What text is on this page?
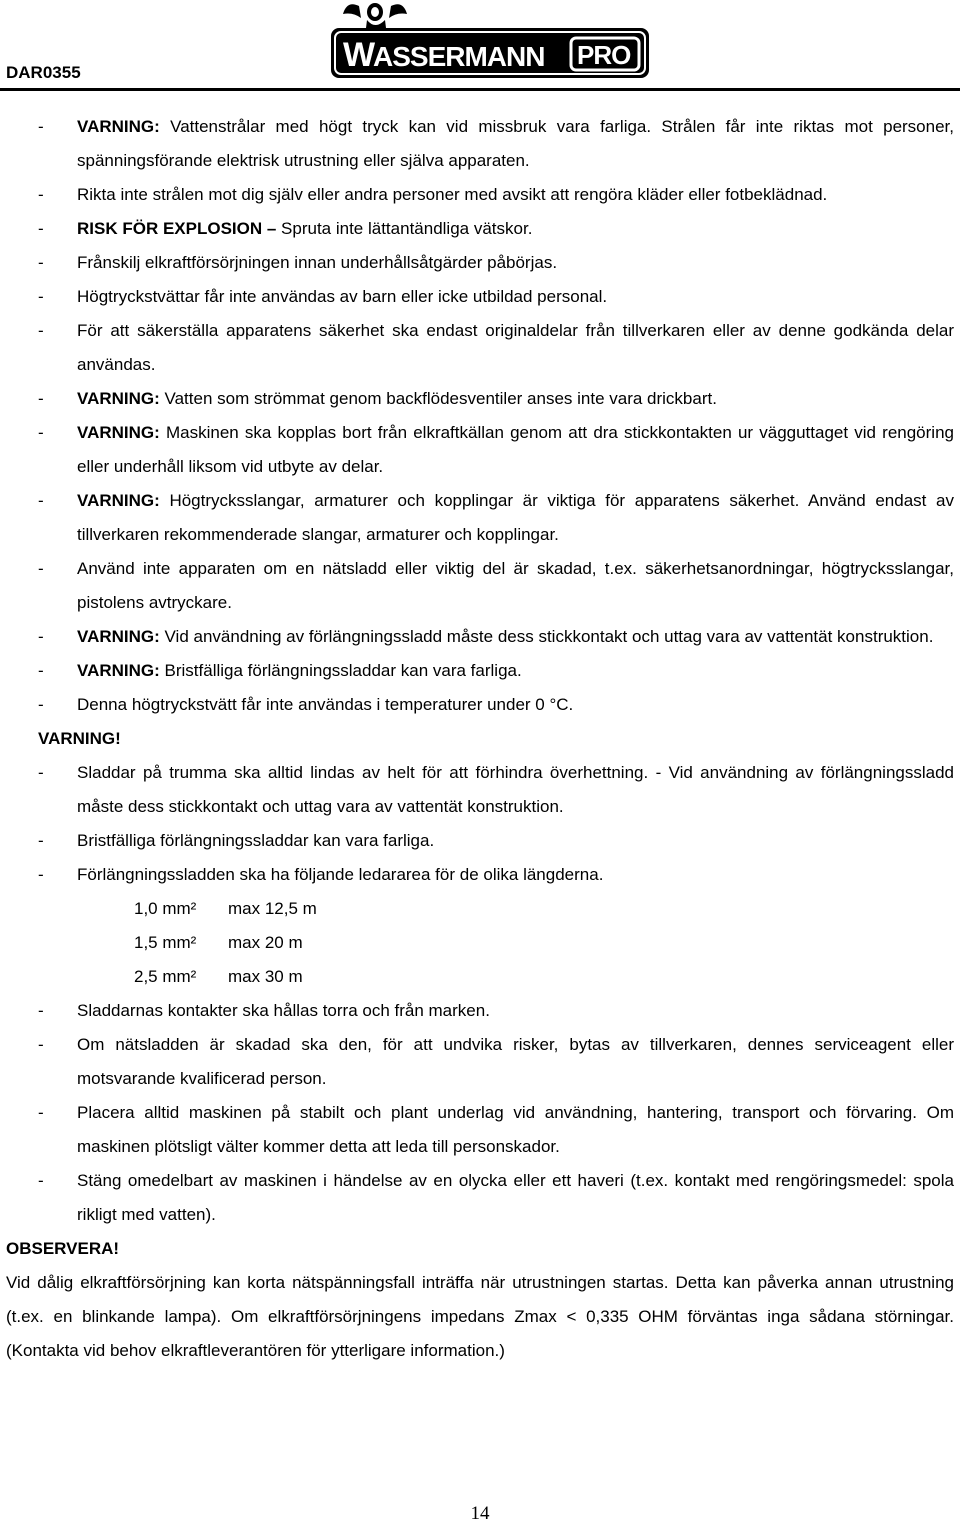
DAR0355	W
ASSERMANN PRO
- VARNING: Vattenstrålar med högt tryck kan vid missbruk vara farliga. Strålen får inte riktas mot personer, spänningsförande elektrisk utrustning eller själva apparaten.
- Rikta inte strålen mot dig själv eller andra personer med avsikt att rengöra kläder eller fotbeklädnad.
- RISK FÖR EXPLOSION – Spruta inte lättantändliga vätskor.
- Frånskilj elkraftförsörjningen innan underhållsåtgärder påbörjas.
- Högtryckstvättar får inte användas av barn eller icke utbildad personal.
- För att säkerställa apparatens säkerhet ska endast originaldelar från tillverkaren eller av denne godkända delar användas.
- VARNING: Vatten som strömmat genom backflödesventiler anses inte vara drickbart.
- VARNING: Maskinen ska kopplas bort från elkraftkällan genom att dra stickkontakten ur vägguttaget vid rengöring eller underhåll liksom vid utbyte av delar.
- VARNING: Högtrycksslangar, armaturer och kopplingar är viktiga för apparatens säkerhet. Använd endast av tillverkaren rekommenderade slangar, armaturer och kopplingar.
- Använd inte apparaten om en nätsladd eller viktig del är skadad, t.ex. säkerhetsanordningar, högtrycksslangar, pistolens avtryckare.
- VARNING: Vid användning av förlängningssladd måste dess stickkontakt och uttag vara av vattentät konstruktion.
- VARNING: Bristfälliga förlängningssladdar kan vara farliga.
- Denna högtryckstvätt får inte användas i temperaturer under 0 °C.
VARNING!
- Sladdar på trumma ska alltid lindas av helt för att förhindra överhettning. - Vid användning av förlängningssladd måste dess stickkontakt och uttag vara av vattentät konstruktion.
- Bristfälliga förlängningssladdar kan vara farliga.
- Förlängningssladden ska ha följande ledararea för de olika längderna.
1,0 mm²	max 12,5 m
1,5 mm²	max 20 m
2,5 mm²	max 30 m
- Sladdarnas kontakter ska hållas torra och från marken.
- Om nätsladden är skadad ska den, för att undvika risker, bytas av tillverkaren, dennes serviceagent eller motsvarande kvalificerad person.
- Placera alltid maskinen på stabilt och plant underlag vid användning, hantering, transport och förvaring. Om maskinen plötsligt välter kommer detta att leda till personskador.
- Stäng omedelbart av maskinen i händelse av en olycka eller ett haveri (t.ex. kontakt med rengöringsmedel: spola rikligt med vatten).
OBSERVERA!
Vid dålig elkraftförsörjning kan korta nätspänningsfall inträffa när utrustningen startas. Detta kan påverka annan utrustning (t.ex. en blinkande lampa). Om elkraftförsörjningens impedans Zmax < 0,335 OHM förväntas inga sådana störningar. (Kontakta vid behov elkraftleverantören för ytterligare information.)
14
